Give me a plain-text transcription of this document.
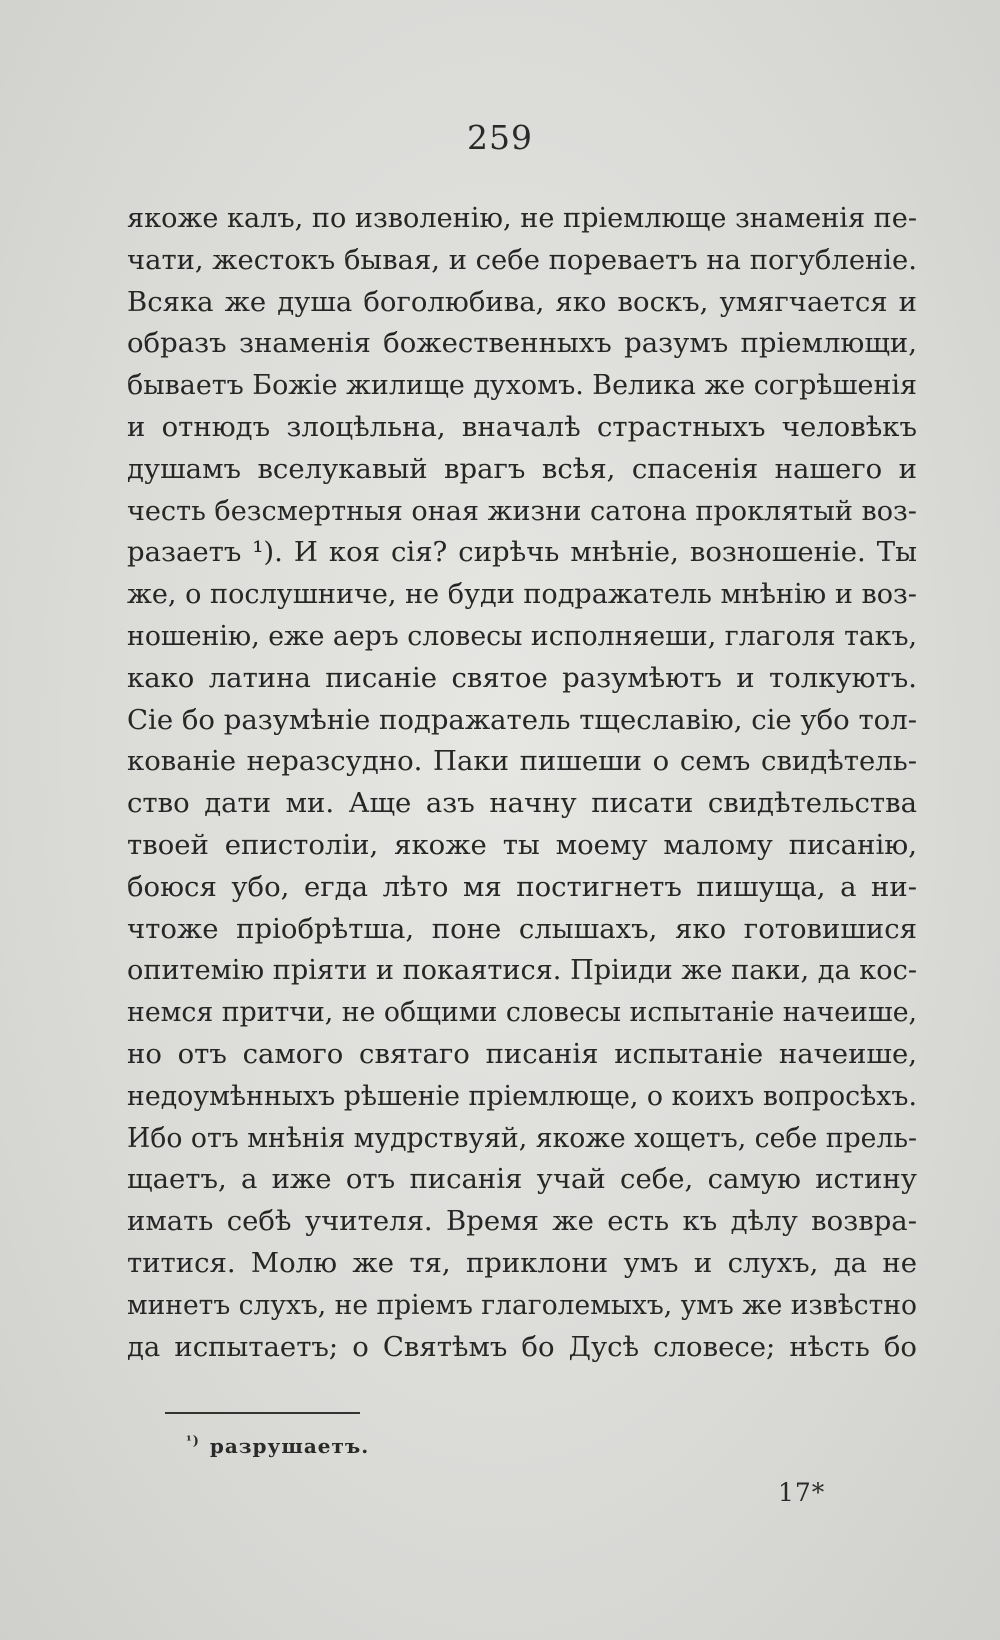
259
якоже калъ, по изволенію, не пріемлюще знаменія пе-
чати, жестокъ бывая, и себе пореваетъ на погубленіе.
Всяка же душа боголюбива, яко воскъ, умягчается и
образъ знаменія божественныхъ разумъ пріемлющи,
бываетъ Божіе жилище духомъ. Велика же согрѣшенія
и отнюдъ злоцѣльна, вначалѣ страстныхъ человѣкъ
душамъ вселукавый врагъ всѣя, спасенія нашего и
честь безсмертныя оная жизни сатона проклятый воз-
разаетъ ¹). И коя сія? сирѣчь мнѣніе, возношеніе. Ты
же, о послушниче, не буди подражатель мнѣнію и воз-
ношенію, еже аеръ словесы исполняеши, глаголя такъ,
како латина писаніе святое разумѣютъ и толкуютъ.
Сіе бо разумѣніе подражатель тщеславію, сіе убо тол-
кованіе неразсудно. Паки пишеши о семъ свидѣтель-
ство дати ми. Аще азъ начну писати свидѣтельства
твоей епистоліи, якоже ты моему малому писанію,
боюся убо, егда лѣто мя постигнетъ пишуща, а ни-
чтоже пріобрѣтша, поне слышахъ, яко готовишися
опитемію пріяти и покаятися. Пріиди же паки, да кос-
немся притчи, не общими словесы испытаніе начеише,
но отъ самого святаго писанія испытаніе начеише,
недоумѣнныхъ рѣшеніе пріемлюще, о коихъ вопросѣхъ.
Ибо отъ мнѣнія мудрствуяй, якоже хощетъ, себе прель-
щаетъ, а иже отъ писанія учай себе, самую истину
имать себѣ учителя. Время же есть къ дѣлу возвра-
титися. Молю же тя, приклони умъ и слухъ, да не
минетъ слухъ, не пріемъ глаголемыхъ, умъ же извѣстно
да испытаетъ; о Святѣмъ бо Дусѣ словесе; нѣсть бо
$^{^1)}$ разрушаетъ.
17*
